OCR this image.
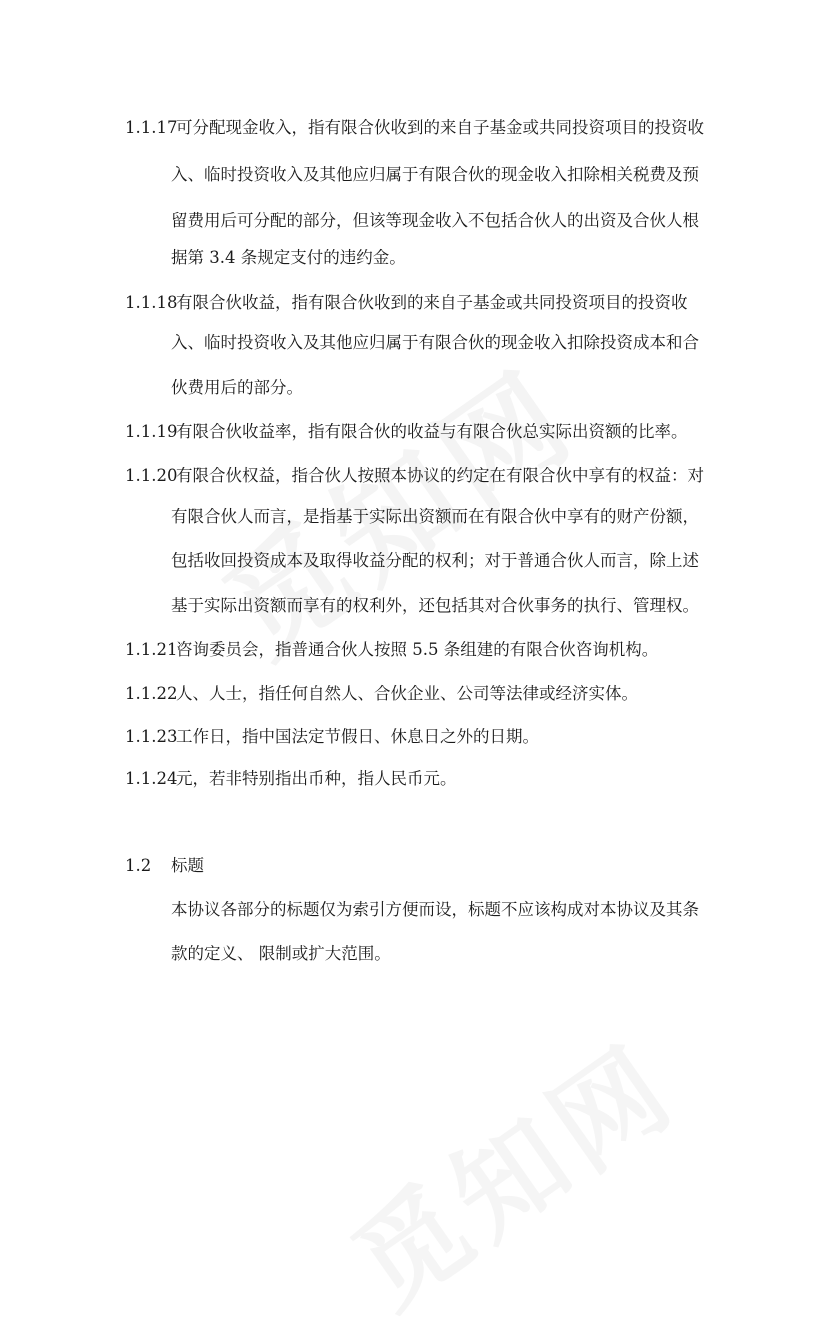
1.1.17
可分配现金收入，指有限合伙收到的来自子基金或共同投资项目的投资收
入、临时投资收入及其他应归属于有限合伙的现金收入扣除相关税费及预
留费用后可分配的部分，但该等现金收入不包括合伙人的出资及合伙人根
据第 3.4 条规定支付的违约金。
1.1.18
有限合伙收益，指有限合伙收到的来自子基金或共同投资项目的投资收
入、临时投资收入及其他应归属于有限合伙的现金收入扣除投资成本和合
伙费用后的部分。
1.1.19
有限合伙收益率，指有限合伙的收益与有限合伙总实际出资额的比率。
1.1.20
有限合伙权益，指合伙人按照本协议的约定在有限合伙中享有的权益：对
有限合伙人而言，是指基于实际出资额而在有限合伙中享有的财产份额，
包括收回投资成本及取得收益分配的权利；对于普通合伙人而言，除上述
基于实际出资额而享有的权利外，还包括其对合伙事务的执行、管理权。
1.1.21
咨询委员会，指普通合伙人按照 5.5 条组建的有限合伙咨询机构。
1.1.22
人、人士，指任何自然人、合伙企业、公司等法律或经济实体。
1.1.23
工作日，指中国法定节假日、休息日之外的日期。
1.1.24
元，若非特别指出币种，指人民币元。
1.2 标题
本协议各部分的标题仅为索引方便而设，标题不应该构成对本协议及其条
款的定义、 限制或扩大范围。
